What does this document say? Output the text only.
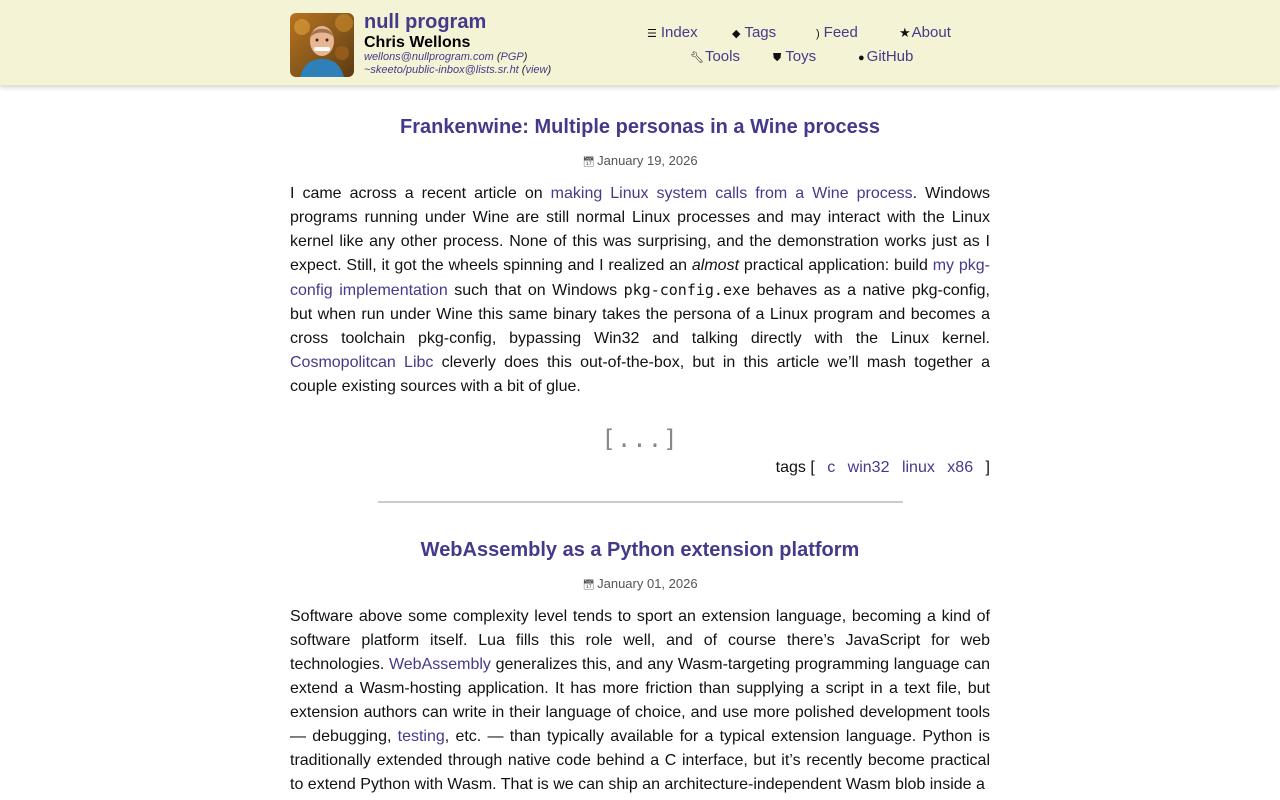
null program
Chris Wellons
wellons@nullprogram.com (PGP)
~skeeto/public-inbox@lists.sr.ht (view)
☰ Index	◆ Tags	) Feed	★About
🔧︎Tools	⛊ Toys	● GitHub
Frankenwine: Multiple personas in a Wine process
📅︎ January 19, 2026

I came across a recent article on making Linux system calls from a Wine process. Windows programs running under Wine are still normal Linux processes and may interact with the Linux kernel like any other process. None of this was surprising, and the demonstration works just as I expect. Still, it got the wheels spinning and I realized an almost practical application: build my pkg-config implementation such that on Windows pkg-config.exe behaves as a native pkg-config, but when run under Wine this same binary takes the persona of a Linux program and becomes a cross toolchain pkg-config, bypassing Win32 and talking directly with the Linux kernel. Cosmopolitcan Libc cleverly does this out-of-the-box, but in this article we’ll mash together a couple existing sources with a bit of glue.

[...]
tags [ c win32 linux x86 ]
WebAssembly as a Python extension platform
📅︎ January 01, 2026

Software above some complexity level tends to sport an extension language, becoming a kind of software platform itself. Lua fills this role well, and of course there’s JavaScript for web technologies. WebAssembly generalizes this, and any Wasm-targeting programming language can extend a Wasm-hosting application. It has more friction than supplying a script in a text file, but extension authors can write in their language of choice, and use more polished development tools — debugging, testing, etc. — than typically available for a typical extension language. Python is traditionally extended through native code behind a C interface, but it’s recently become practical to extend Python with Wasm. That is we can ship an architecture-independent Wasm blob inside a
